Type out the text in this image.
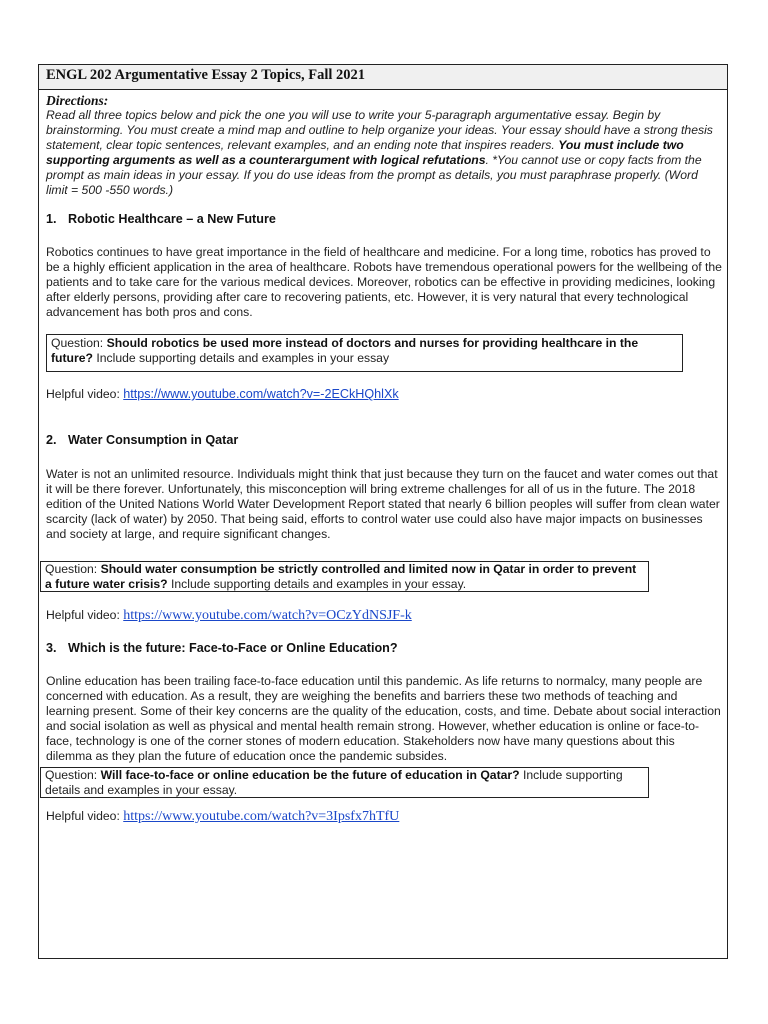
ENGL 202 Argumentative Essay 2 Topics, Fall 2021
Directions:
Read all three topics below and pick the one you will use to write your 5-paragraph argumentative essay. Begin by brainstorming. You must create a mind map and outline to help organize your ideas. Your essay should have a strong thesis statement, clear topic sentences, relevant examples, and an ending note that inspires readers. You must include two supporting arguments as well as a counterargument with logical refutations. *You cannot use or copy facts from the prompt as main ideas in your essay. If you do use ideas from the prompt as details, you must paraphrase properly. (Word limit = 500 -550 words.)
1. Robotic Healthcare – a New Future
Robotics continues to have great importance in the field of healthcare and medicine. For a long time, robotics has proved to be a highly efficient application in the area of healthcare. Robots have tremendous operational powers for the wellbeing of the patients and to take care for the various medical devices. Moreover, robotics can be effective in providing medicines, looking after elderly persons, providing after care to recovering patients, etc. However, it is very natural that every technological advancement has both pros and cons.
Question: Should robotics be used more instead of doctors and nurses for providing healthcare in the future? Include supporting details and examples in your essay
Helpful video: https://www.youtube.com/watch?v=-2ECkHQhlXk
2. Water Consumption in Qatar
Water is not an unlimited resource. Individuals might think that just because they turn on the faucet and water comes out that it will be there forever. Unfortunately, this misconception will bring extreme challenges for all of us in the future. The 2018 edition of the United Nations World Water Development Report stated that nearly 6 billion peoples will suffer from clean water scarcity (lack of water) by 2050. That being said, efforts to control water use could also have major impacts on businesses and society at large, and require significant changes.
Question: Should water consumption be strictly controlled and limited now in Qatar in order to prevent a future water crisis? Include supporting details and examples in your essay.
Helpful video: https://www.youtube.com/watch?v=OCzYdNSJF-k
3. Which is the future: Face-to-Face or Online Education?
Online education has been trailing face-to-face education until this pandemic. As life returns to normalcy, many people are concerned with education. As a result, they are weighing the benefits and barriers these two methods of teaching and learning present. Some of their key concerns are the quality of the education, costs, and time. Debate about social interaction and social isolation as well as physical and mental health remain strong. However, whether education is online or face-to-face, technology is one of the corner stones of modern education. Stakeholders now have many questions about this dilemma as they plan the future of education once the pandemic subsides.
Question: Will face-to-face or online education be the future of education in Qatar? Include supporting details and examples in your essay.
Helpful video: https://www.youtube.com/watch?v=3Ipsfx7hTfU
